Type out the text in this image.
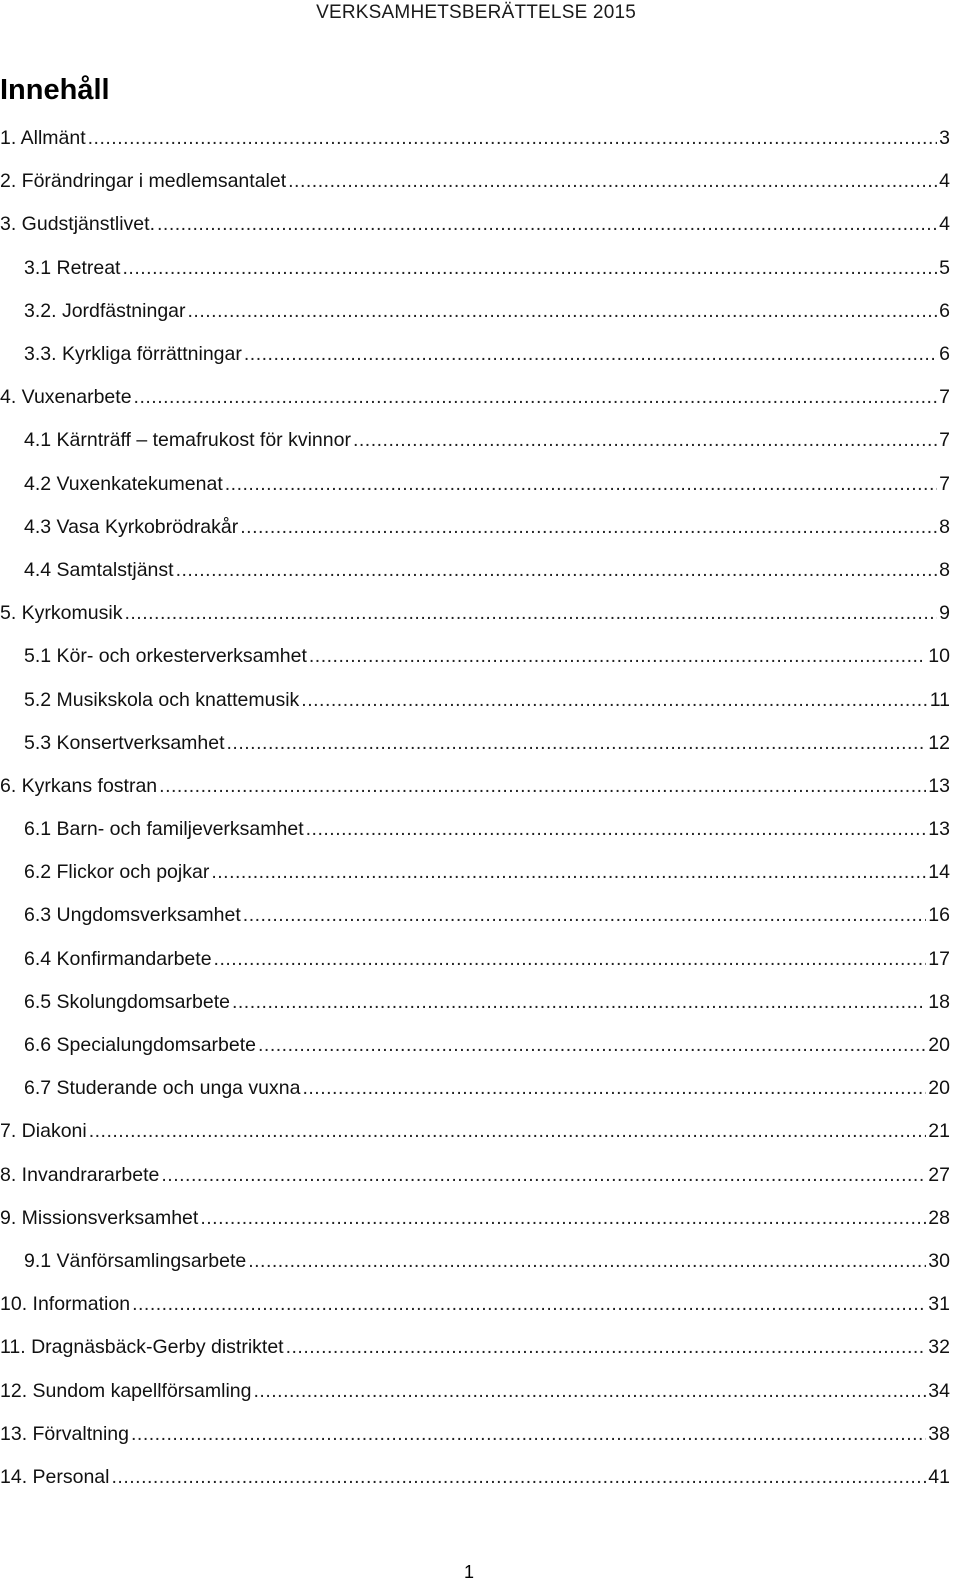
VERKSAMHETSBERÄTTELSE 2015
Innehåll
1. Allmänt .....	3
2. Förändringar i medlemsantalet .....	4
3. Gudstjänstlivet. .....	4
3.1 Retreat .....	5
3.2. Jordfästningar .....	6
3.3. Kyrkliga förrättningar .....	6
4. Vuxenarbete .....	7
4.1 Kärnträff – temafrukost för kvinnor .....	7
4.2 Vuxenkatekumenat .....	7
4.3 Vasa Kyrkobrödrakår .....	8
4.4 Samtalstjänst .....	8
5. Kyrkomusik .....	9
5.1 Kör- och orkesterverksamhet .....	10
5.2 Musikskola och knattemusik .....	11
5.3 Konsertverksamhet .....	12
6. Kyrkans fostran .....	13
6.1 Barn- och familjeverksamhet .....	13
6.2 Flickor och pojkar .....	14
6.3 Ungdomsverksamhet .....	16
6.4 Konfirmandarbete .....	17
6.5 Skolungdomsarbete .....	18
6.6 Specialungdomsarbete .....	20
6.7 Studerande och unga vuxna .....	20
7. Diakoni .....	21
8. Invandrararbete .....	27
9. Missionsverksamhet .....	28
9.1 Vänförsamlingsarbete .....	30
10. Information .....	31
11. Dragnäsbäck-Gerby distriktet .....	32
12. Sundom kapellförsamling .....	34
13. Förvaltning .....	38
14. Personal .....	41
1
